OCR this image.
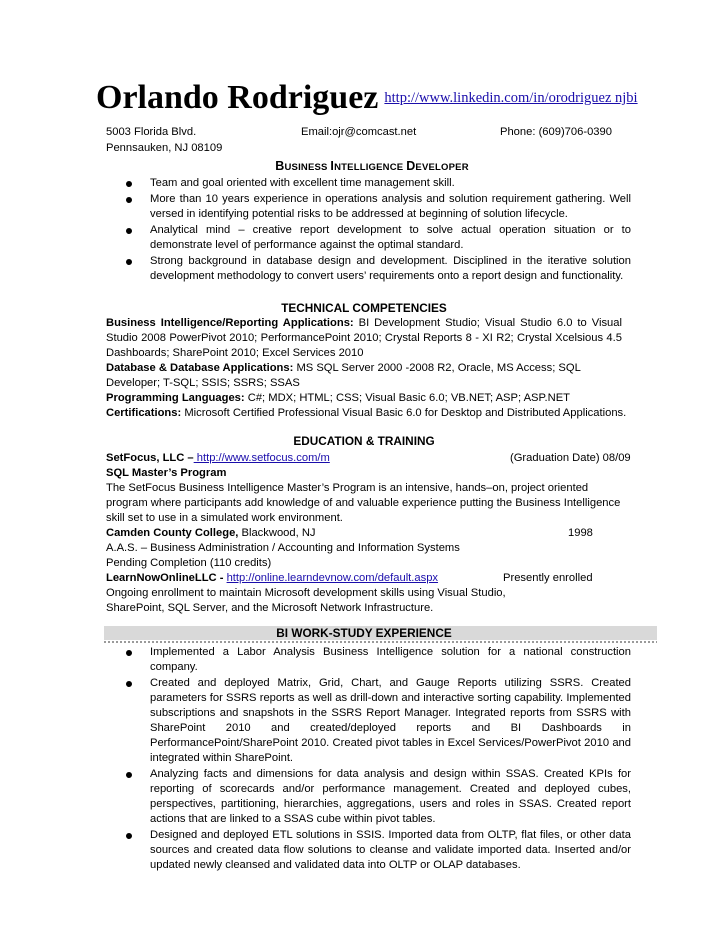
Orlando Rodriguez http://www.linkedin.com/in/orodriguez njbi
5003 Florida Blvd.
Pennsauken, NJ 08109
Email:ojr@comcast.net	Phone: (609)706-0390
BUSINESS INTELLIGENCE DEVELOPER
Team and goal oriented with excellent time management skill.
More than 10 years experience in operations analysis and solution requirement gathering. Well versed in identifying potential risks to be addressed at beginning of solution lifecycle.
Analytical mind – creative report development to solve actual operation situation or to demonstrate level of performance against the optimal standard.
Strong background in database design and development. Disciplined in the iterative solution development methodology to convert users’ requirements onto a report design and functionality.
TECHNICAL COMPETENCIES
Business Intelligence/Reporting Applications: BI Development Studio; Visual Studio 6.0 to Visual Studio 2008 PowerPivot 2010; PerformancePoint 2010; Crystal Reports 8 - XI R2; Crystal Xcelsious 4.5 Dashboards; SharePoint 2010; Excel Services 2010
Database & Database Applications: MS SQL Server 2000 -2008 R2, Oracle, MS Access; SQL Developer; T-SQL; SSIS; SSRS; SSAS
Programming Languages: C#; MDX; HTML; CSS; Visual Basic 6.0; VB.NET; ASP; ASP.NET
Certifications: Microsoft Certified Professional Visual Basic 6.0 for Desktop and Distributed Applications.
EDUCATION & TRAINING
SetFocus, LLC – http://www.setfocus.com/m	(Graduation Date) 08/09
SQL Master’s Program
The SetFocus Business Intelligence Master’s Program is an intensive, hands–on, project oriented program where participants add knowledge of and valuable experience putting the Business Intelligence skill set to use in a simulated work environment.
Camden County College, Blackwood, NJ	1998
A.A.S. – Business Administration / Accounting and Information Systems
Pending Completion (110 credits)
LearnNowOnlineLLC - http://online.learndevnow.com/default.aspx	Presently enrolled
Ongoing enrollment to maintain Microsoft development skills using Visual Studio, SharePoint, SQL Server, and the Microsoft Network Infrastructure.
BI WORK-STUDY EXPERIENCE
Implemented a Labor Analysis Business Intelligence solution for a national construction company.
Created and deployed Matrix, Grid, Chart, and Gauge Reports utilizing SSRS. Created parameters for SSRS reports as well as drill-down and interactive sorting capability. Implemented subscriptions and snapshots in the SSRS Report Manager. Integrated reports from SSRS with SharePoint 2010 and created/deployed reports and BI Dashboards in PerformancePoint/SharePoint 2010. Created pivot tables in Excel Services/PowerPivot 2010 and integrated within SharePoint.
Analyzing facts and dimensions for data analysis and design within SSAS. Created KPIs for reporting of scorecards and/or performance management. Created and deployed cubes, perspectives, partitioning, hierarchies, aggregations, users and roles in SSAS. Created report actions that are linked to a SSAS cube within pivot tables.
Designed and deployed ETL solutions in SSIS. Imported data from OLTP, flat files, or other data sources and created data flow solutions to cleanse and validate imported data. Inserted and/or updated newly cleansed and validated data into OLTP or OLAP databases.
